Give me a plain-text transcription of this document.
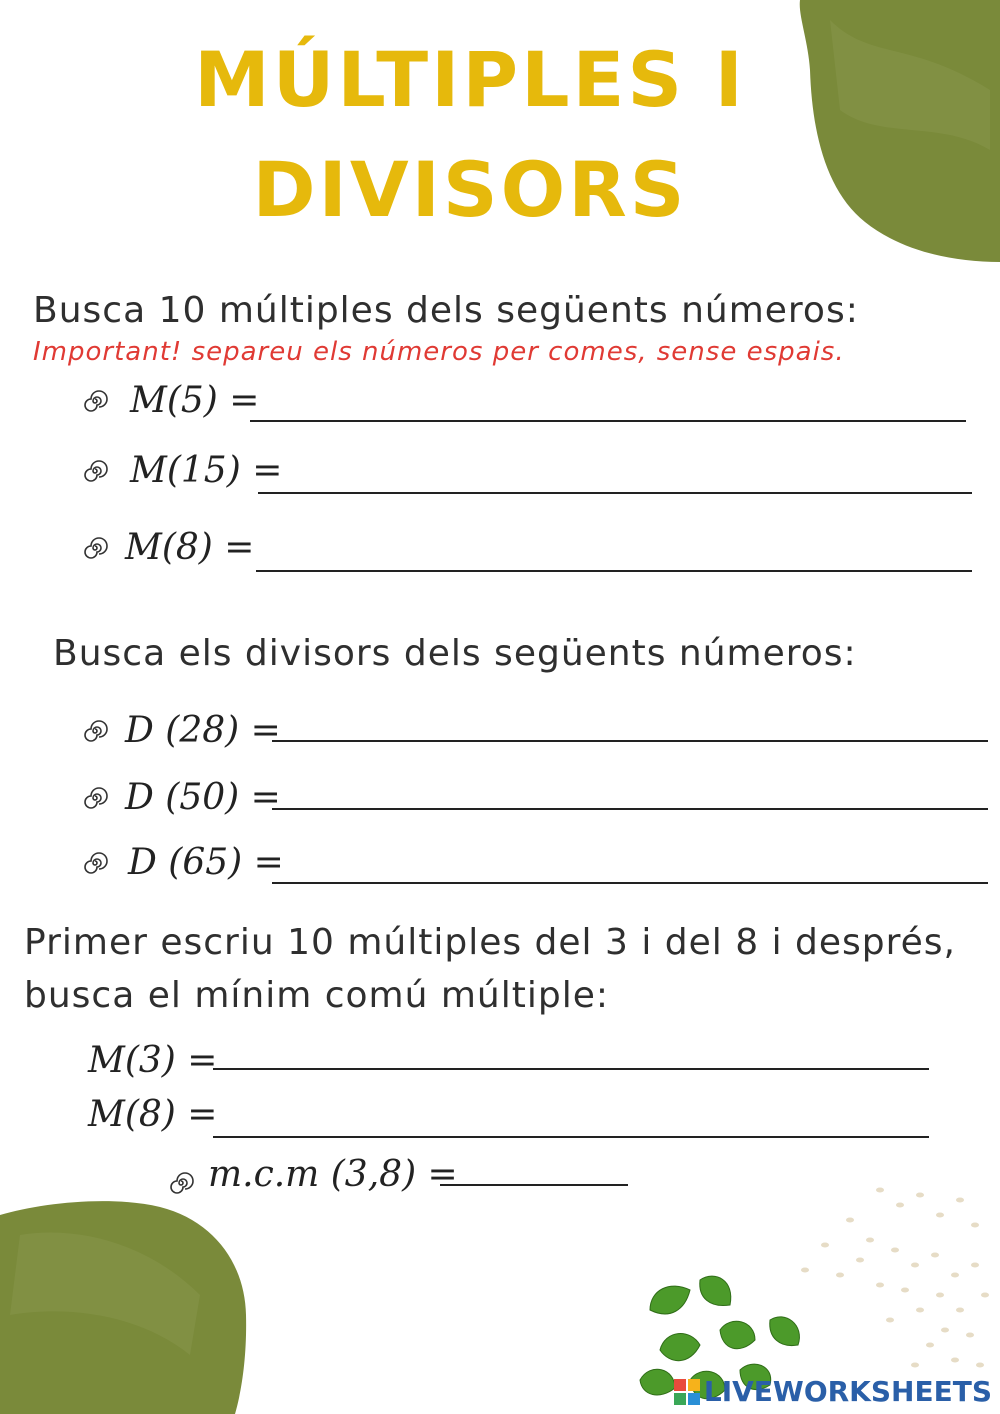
MÚLTIPLES I
DIVISORS
Busca 10 múltiples dels següents números:
Important! separeu els números per comes, sense espais.
M(5) =
M(15) =
M(8) =
Busca els divisors dels següents números:
D (28) =
D (50) =
D (65) =
Primer escriu 10 múltiples del 3 i del 8 i després,
busca el mínim comú múltiple:
M(3) =
M(8) =
m.c.m (3,8) =
LIVEWORKSHEETS
